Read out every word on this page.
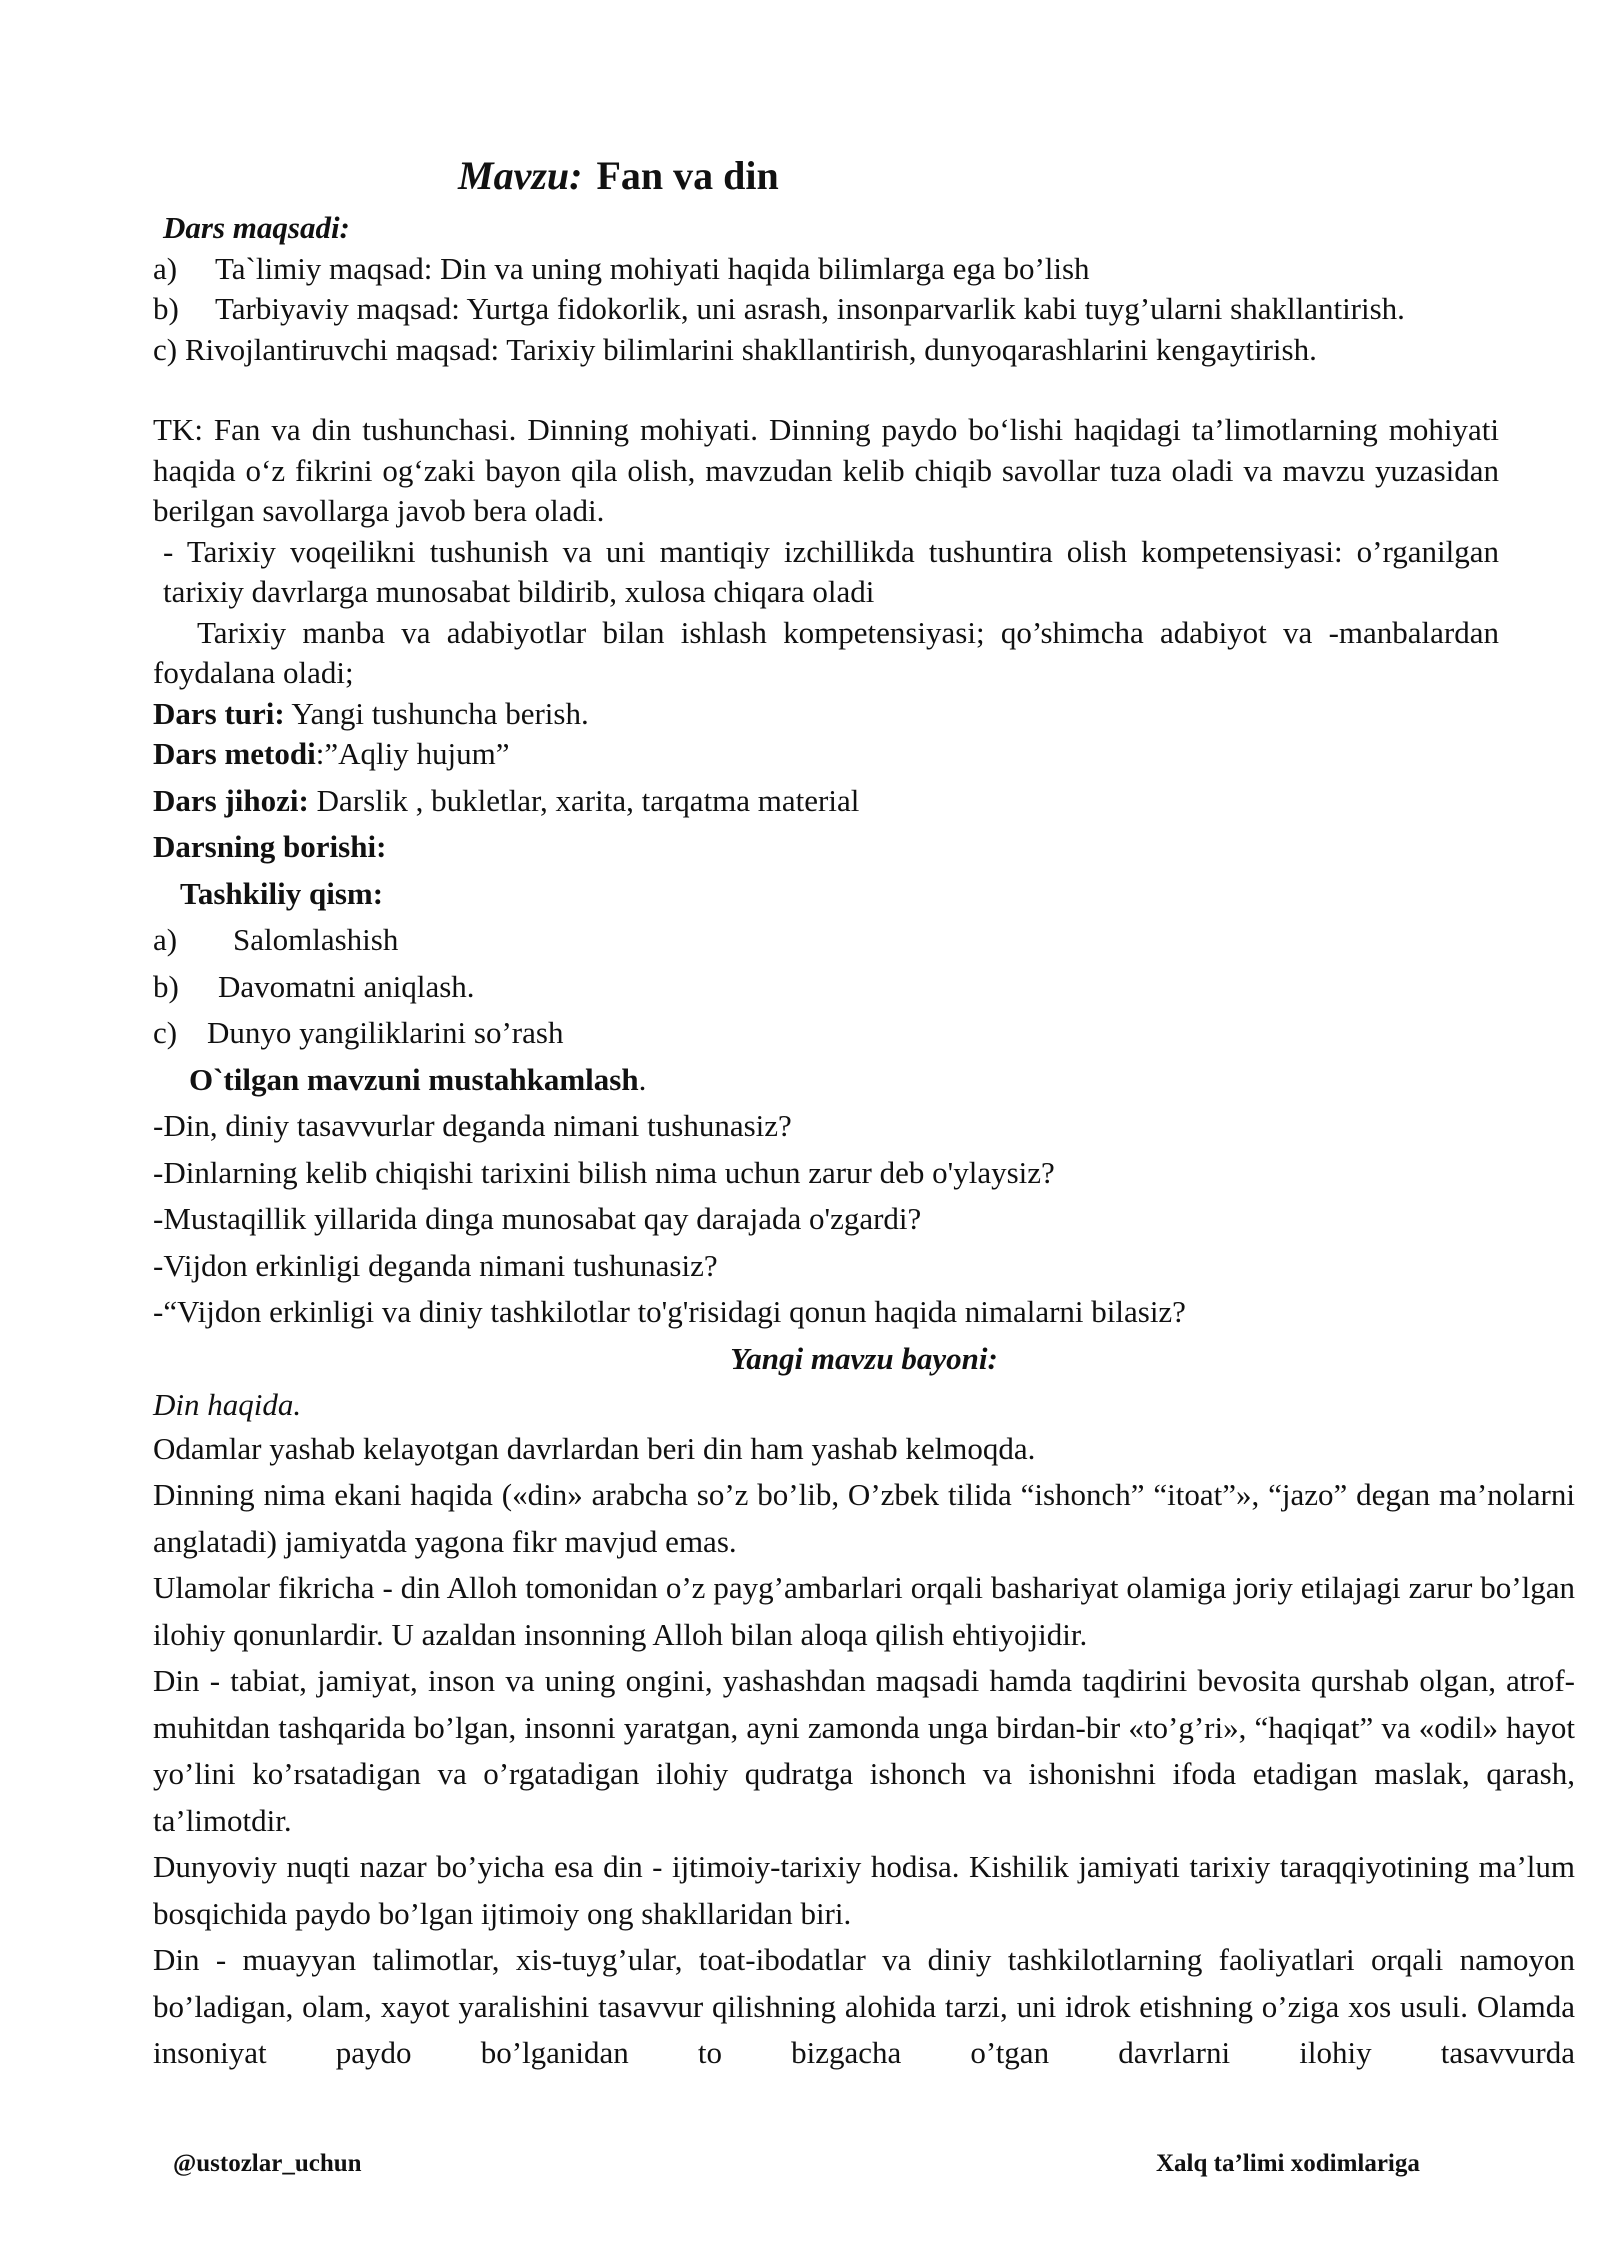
Mavzu: Fan va din

Dars maqsadi:

a) Ta`limiy maqsad: Din va uning mohiyati haqida bilimlarga ega bo’lish

b) Tarbiyaviy maqsad: Yurtga fidokorlik, uni asrash, insonparvarlik kabi tuyg’ularni shakllantirish.

c) Rivojlantiruvchi maqsad: Tarixiy bilimlarini shakllantirish, dunyoqarashlarini kengaytirish.

TK: Fan va din tushunchasi. Dinning mohiyati. Dinning paydo bo‘lishi haqidagi ta’limotlarning mohiyati haqida o‘z fikrini og‘zaki bayon qila olish, mavzudan kelib chiqib savollar tuza oladi va mavzu yuzasidan berilgan savollarga javob bera oladi.

- Tarixiy voqeilikni tushunish va uni mantiqiy izchillikda tushuntira olish kompetensiyasi: o’rganilgan tarixiy davrlarga munosabat bildirib, xulosa chiqara oladi

Tarixiy manba va adabiyotlar bilan ishlash kompetensiyasi; qo’shimcha adabiyot va -manbalardan foydalana oladi;

Dars turi: Yangi tushuncha berish.

Dars metodi:”Aqliy hujum”

Dars jihozi: Darslik , bukletlar, xarita, tarqatma material

Darsning borishi:

Tashkiliy qism:

a) Salomlashish

b) Davomatni aniqlash.

c) Dunyo yangiliklarini so’rash

O`tilgan mavzuni mustahkamlash.

-Din, diniy tasavvurlar deganda nimani tushunasiz?

-Dinlarning kelib chiqishi tarixini bilish nima uchun zarur deb o'ylaysiz?

-Mustaqillik yillarida dinga munosabat qay darajada o'zgardi?

-Vijdon erkinligi deganda nimani tushunasiz?

-“Vijdon erkinligi va diniy tashkilotlar to'g'risidagi qonun haqida nimalarni bilasiz?

Yangi mavzu bayoni:

Din haqida.

Odamlar yashab kelayotgan davrlardan beri din ham yashab kelmoqda.

Dinning nima ekani haqida («din» arabcha so’z bo’lib, O’zbek tilida “ishonch” “itoat”», “jazo” degan ma’nolarni anglatadi) jamiyatda yagona fikr mavjud emas.

Ulamolar fikricha - din Alloh tomonidan o’z payg’ambarlari orqali bashariyat olamiga joriy etilajagi zarur bo’lgan ilohiy qonunlardir. U azaldan insonning Alloh bilan aloqa qilish ehtiyojidir.

Din - tabiat, jamiyat, inson va uning ongini, yashashdan maqsadi hamda taqdirini bevosita qurshab olgan, atrof-muhitdan tashqarida bo’lgan, insonni yaratgan, ayni zamonda unga birdan-bir «to’g’ri», “haqiqat” va «odil» hayot yo’lini ko’rsatadigan va o’rgatadigan ilohiy qudratga ishonch va ishonishni ifoda etadigan maslak, qarash, ta’limotdir.

Dunyoviy nuqti nazar bo’yicha esa din - ijtimoiy-tarixiy hodisa. Kishilik jamiyati tarixiy taraqqiyotining ma’lum bosqichida paydo bo’lgan ijtimoiy ong shakllaridan biri.

Din - muayyan talimotlar, xis-tuyg’ular, toat-ibodatlar va diniy tashkilotlarning faoliyatlari orqali namoyon bo’ladigan, olam, xayot yaralishini tasavvur qilishning alohida tarzi, uni idrok etishning o’ziga xos usuli. Olamda insoniyat paydo bo’lganidan to bizgacha o’tgan davrlarni ilohiy tasavvurda

@ustozlar_uchun	Xalq ta’limi xodimlariga
